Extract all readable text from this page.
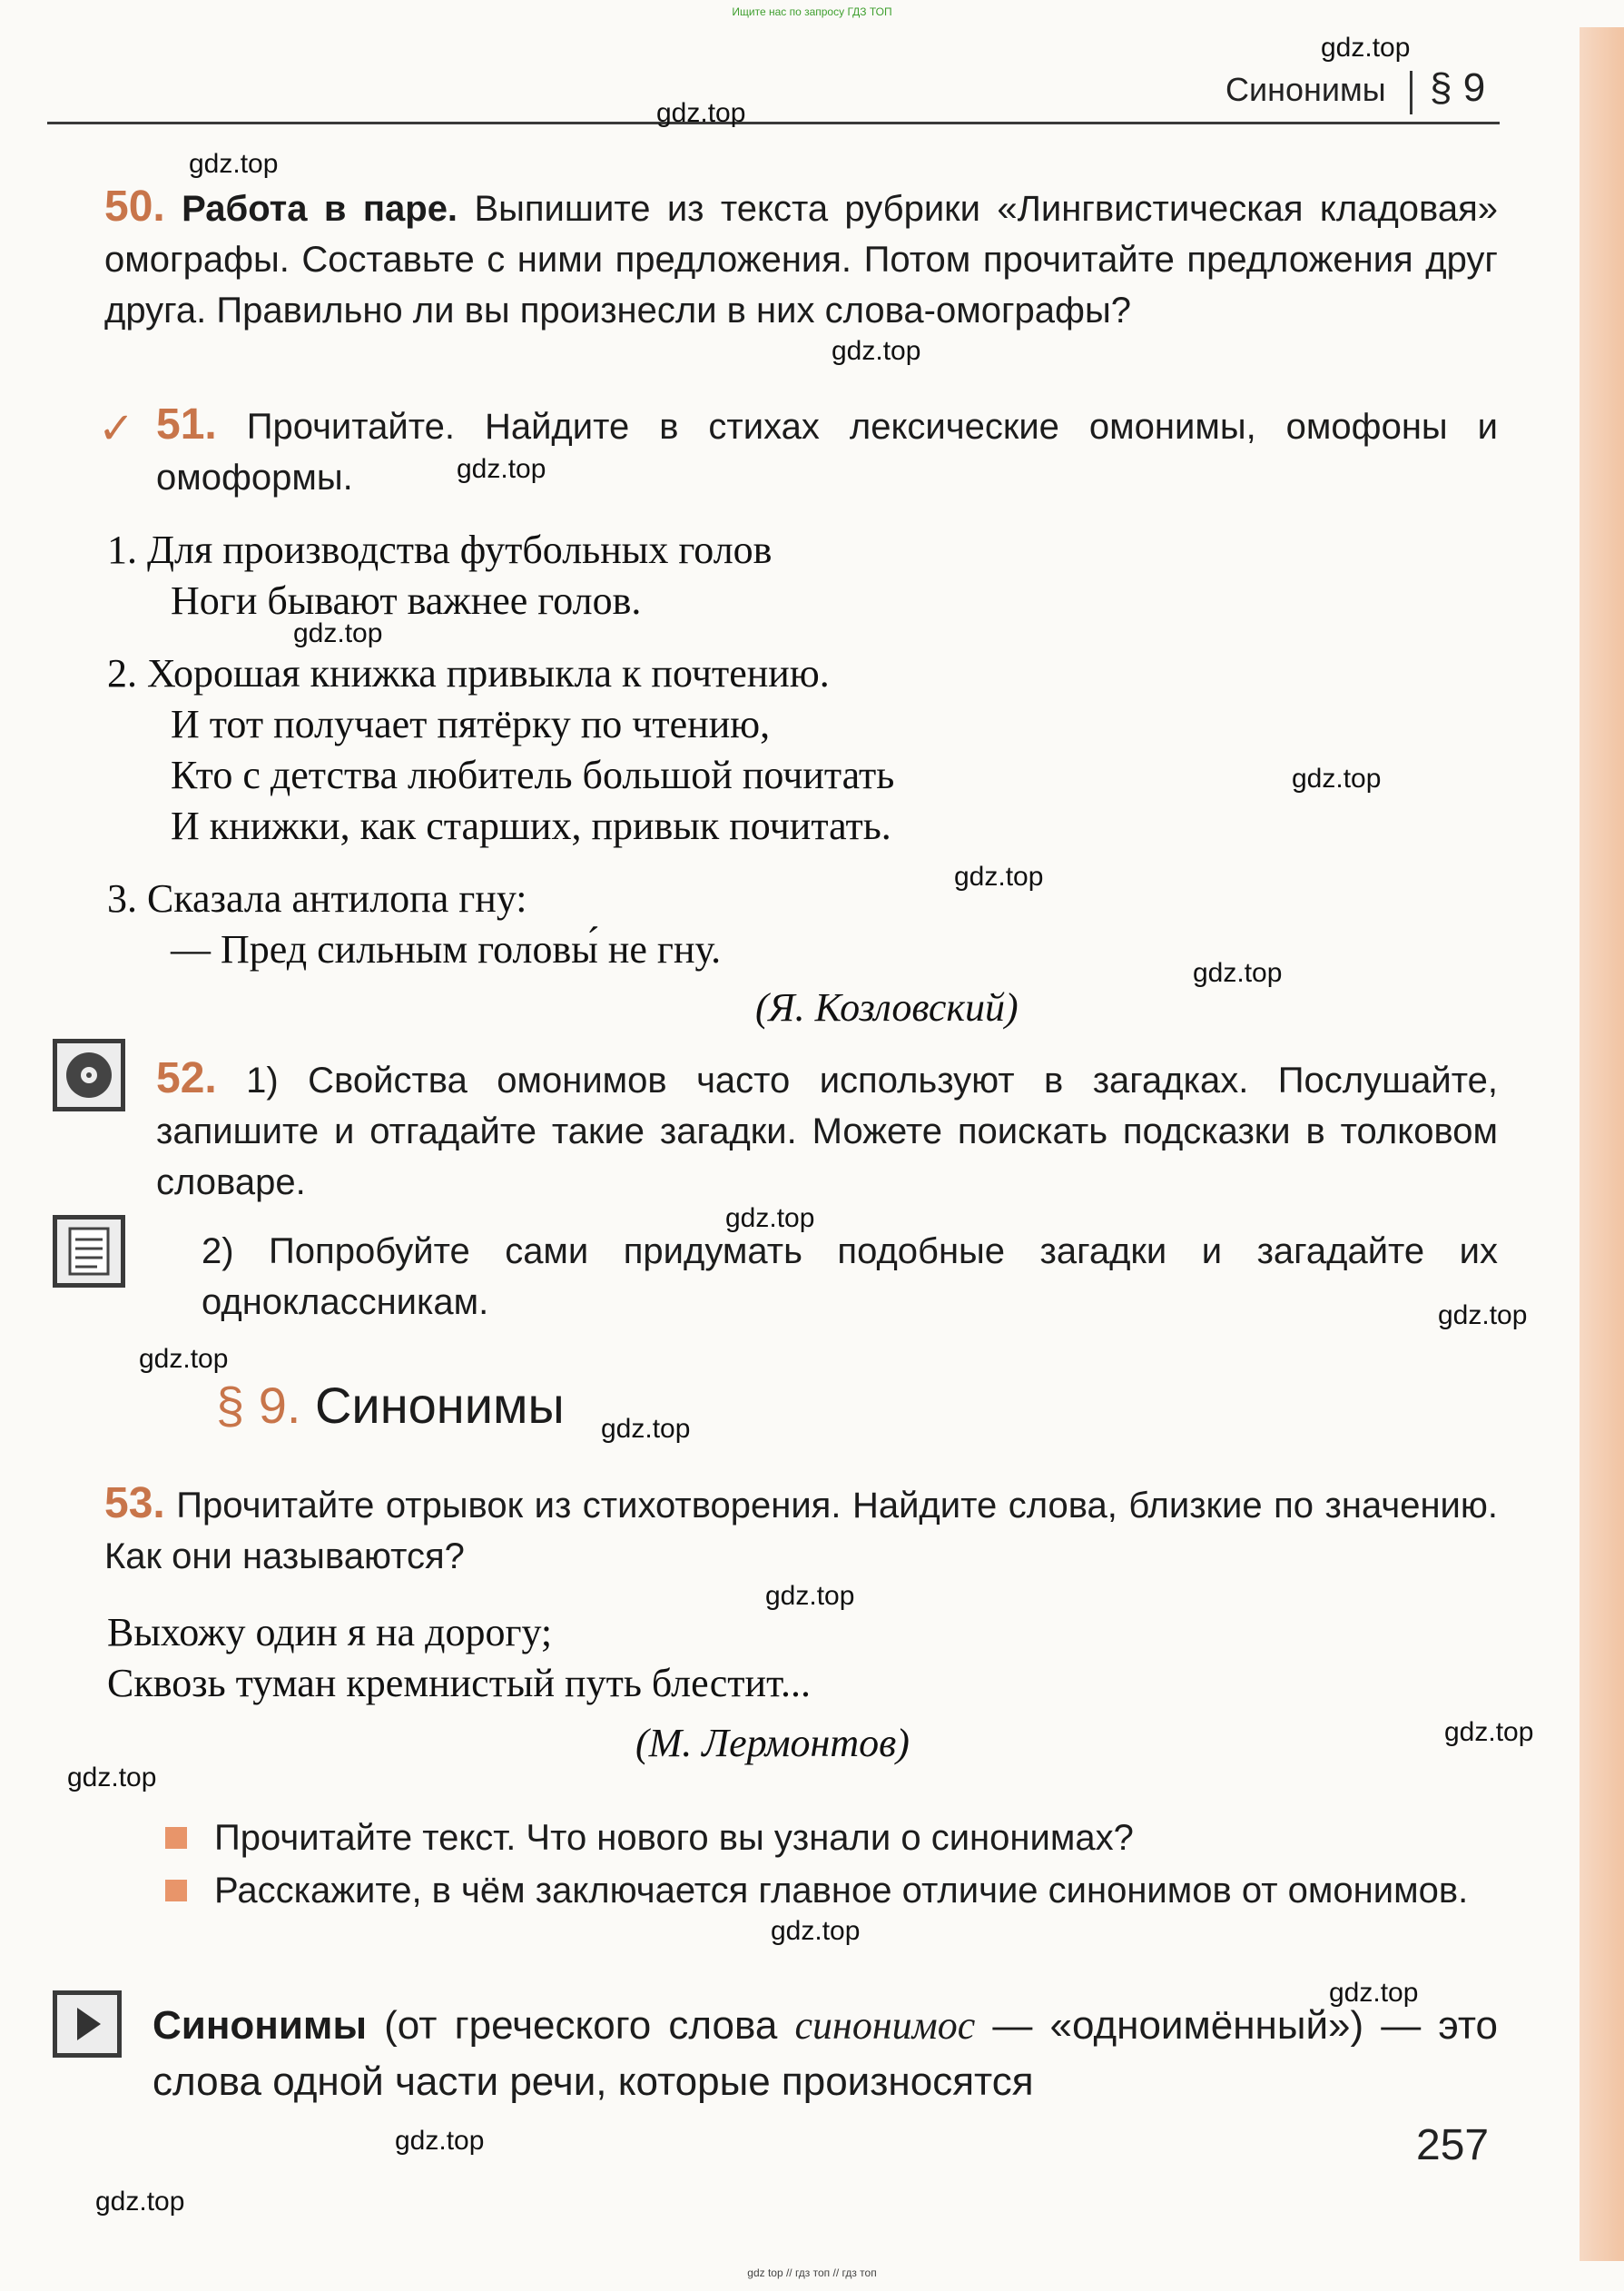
Ищите нас по запросу ГДЗ ТОП
Синонимы § 9
gdz.top
gdz.top
gdz.top
gdz.top
gdz.top
gdz.top
gdz.top
gdz.top
gdz.top
gdz.top
gdz.top
gdz.top
gdz.top
gdz.top
gdz.top
gdz.top
gdz.top
gdz.top
gdz.top
gdz.top
50. Работа в паре. Выпишите из текста рубрики «Лингвистическая кладовая» омографы. Составьте с ними предложения. Потом прочитайте предложения друг друга. Правильно ли вы произнесли в них слова-омографы?
✓ 51. Прочитайте. Найдите в стихах лексические омонимы, омофоны и омоформы.
1. Для производства футбольных голов
Ноги бывают важнее голов.
2. Хорошая книжка привыкла к почтению.
И тот получает пятёрку по чтению,
Кто с детства любитель большой почитать
И книжки, как старших, привык почитать.
3. Сказала антилопа гну:
— Пред сильным головы́ не гну.
(Я. Козловский)
52. 1) Свойства омонимов часто используют в загадках. Послушайте, запишите и отгадайте такие загадки. Можете поискать подсказки в толковом словаре.
2) Попробуйте сами придумать подобные загадки и загадайте их одноклассникам.
§ 9. Синонимы
53. Прочитайте отрывок из стихотворения. Найдите слова, близкие по значению. Как они называются?
Выхожу один я на дорогу;
Сквозь туман кремнистый путь блестит...
(М. Лермонтов)
Прочитайте текст. Что нового вы узнали о синонимах?
Расскажите, в чём заключается главное отличие синонимов от омонимов.
Синонимы (от греческого слова синонимос — «одноимённый») — это слова одной части речи, которые произносятся
257
gdz top // гдз топ // гдз топ
